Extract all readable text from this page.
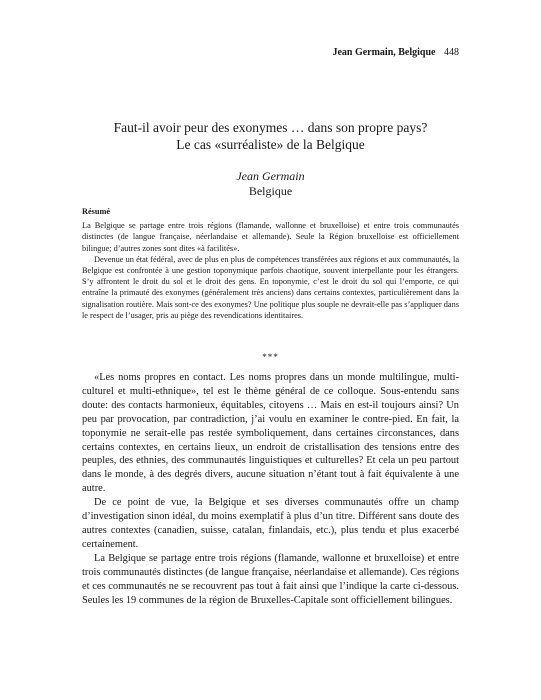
Jean Germain, Belgique 448
Faut-il avoir peur des exonymes … dans son propre pays?
Le cas «surréaliste» de la Belgique
Jean Germain
Belgique
Résumé

La Belgique se partage entre trois régions (flamande, wallonne et bruxelloise) et entre trois communautés distinctes (de langue française, néerlandaise et allemande). Seule la Région bruxelloise est officiellement bilingue; d’autres zones sont dites «à facilités».

Devenue un état fédéral, avec de plus en plus de compétences transférées aux régions et aux communautés, la Belgique est confrontée à une gestion toponymique parfois chaotique, souvent interpellante pour les étrangers. S’y affrontent le droit du sol et le droit des gens. En toponymie, c’est le droit du sol qui l’emporte, ce qui entraîne la primauté des exonymes (généralement très anciens) dans certains contextes, particulièrement dans la signalisation routière. Mais sont-ce des exonymes? Une politique plus souple ne devrait-elle pas s’appliquer dans le respect de l’usager, pris au piège des revendications identitaires.

***

«Les noms propres en contact. Les noms propres dans un monde multilingue, multi-culturel et multi-ethnique», tel est le thème général de ce colloque. Sous-entendu sans doute: des contacts harmonieux, équitables, citoyens … Mais en est-il toujours ainsi? Un peu par provocation, par contradiction, j’ai voulu en examiner le contre-pied. En fait, la toponymie ne serait-elle pas restée symboliquement, dans certaines circonstances, dans certains contextes, en certains lieux, un endroit de cristallisation des tensions entre des peuples, des ethnies, des communautés linguistiques et culturelles? Et cela un peu partout dans le monde, à des degrés divers, aucune situation n’étant tout à fait équivalente à une autre.

De ce point de vue, la Belgique et ses diverses communautés offre un champ d’investigation sinon idéal, du moins exemplatif à plus d’un titre. Différent sans doute des autres contextes (canadien, suisse, catalan, finlandais, etc.), plus tendu et plus exacerbé certainement.

La Belgique se partage entre trois régions (flamande, wallonne et bruxelloise) et entre trois communautés distinctes (de langue française, néerlandaise et allemande). Ces régions et ces communautés ne se recouvrent pas tout à fait ainsi que l’indique la carte ci-dessous. Seules les 19 communes de la région de Bruxelles-Capitale sont officiellement bilingues.
